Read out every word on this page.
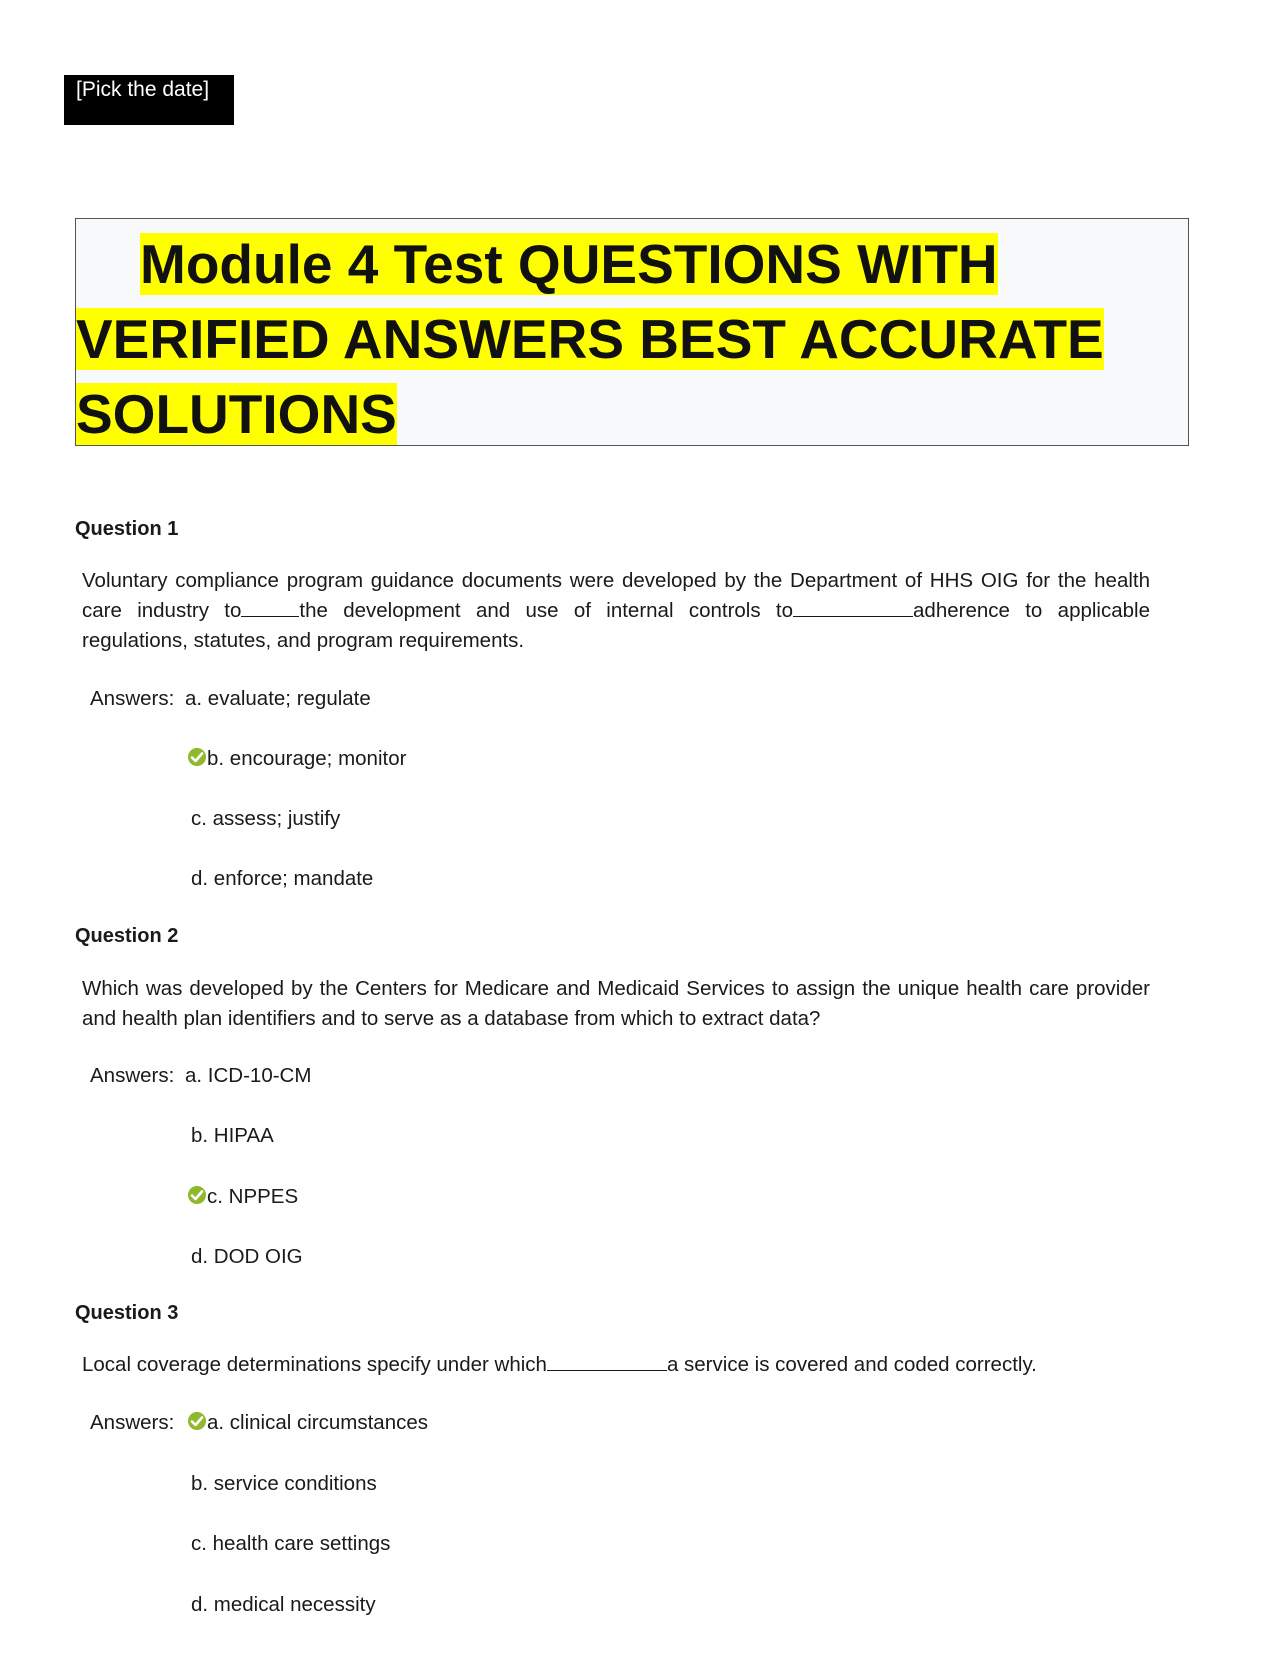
[Pick the date]

Module 4 Test QUESTIONS WITH
VERIFIED ANSWERS BEST ACCURATE
SOLUTIONS

Question 1

Voluntary compliance program guidance documents were developed by the Department of HHS OIG for the health care industry to	the development and use of internal controls to	adherence to applicable regulations, statutes, and program requirements.

Answers: a. evaluate; regulate
b. encourage; monitor
c. assess; justify
d. enforce; mandate
Question 2

Which was developed by the Centers for Medicare and Medicaid Services to assign the unique health care provider and health plan identifiers and to serve as a database from which to extract data?

Answers: a. ICD-10-CM
b. HIPAA
c. NPPES
d. DOD OIG
Question 3

Local coverage determinations specify under which	a service is covered and coded correctly.

Answers:	a. clinical circumstances
b. service conditions
c. health care settings
d. medical necessity
